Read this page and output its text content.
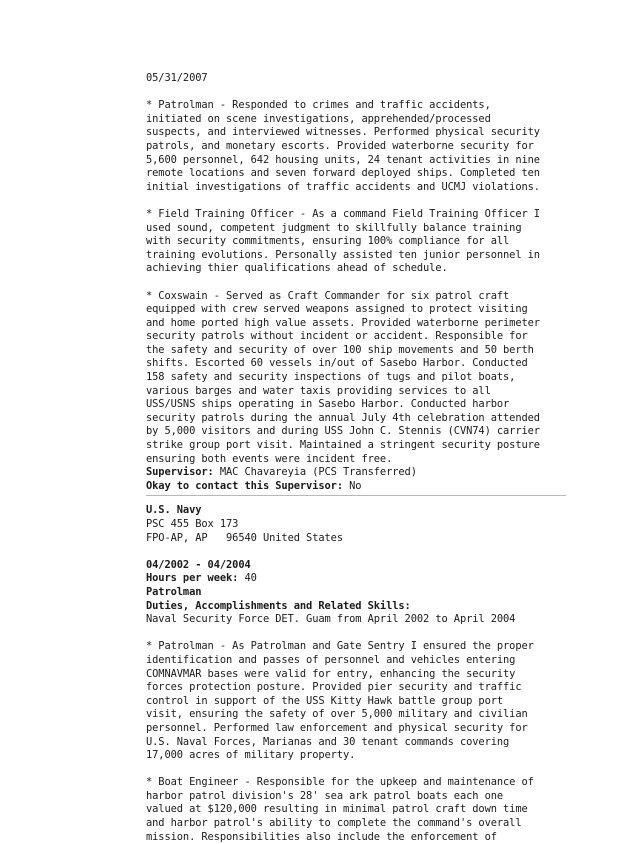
05/31/2007
* Patrolman - Responded to crimes and traffic accidents,
initiated on scene investigations, apprehended/processed
suspects, and interviewed witnesses. Performed physical security
patrols, and monetary escorts. Provided waterborne security for
5,600 personnel, 642 housing units, 24 tenant activities in nine
remote locations and seven forward deployed ships. Completed ten
initial investigations of traffic accidents and UCMJ violations.
* Field Training Officer - As a command Field Training Officer I
used sound, competent judgment to skillfully balance training
with security commitments, ensuring 100% compliance for all
training evolutions. Personally assisted ten junior personnel in
achieving thier qualifications ahead of schedule.
* Coxswain - Served as Craft Commander for six patrol craft
equipped with crew served weapons assigned to protect visiting
and home ported high value assets. Provided waterborne perimeter
security patrols without incident or accident. Responsible for
the safety and security of over 100 ship movements and 50 berth
shifts. Escorted 60 vessels in/out of Sasebo Harbor. Conducted
158 safety and security inspections of tugs and pilot boats,
various barges and water taxis providing services to all
USS/USNS ships operating in Sasebo Harbor. Conducted harbor
security patrols during the annual July 4th celebration attended
by 5,000 visitors and during USS John C. Stennis (CVN74) carrier
strike group port visit. Maintained a stringent security posture
ensuring both events were incident free.
Supervisor: MAC Chavareyia (PCS Transferred)
Okay to contact this Supervisor: No
U.S. Navy
PSC 455 Box 173
FPO-AP, AP   96540 United States
04/2002 - 04/2004
Hours per week: 40
Patrolman
Duties, Accomplishments and Related Skills:
Naval Security Force DET. Guam from April 2002 to April 2004
* Patrolman - As Patrolman and Gate Sentry I ensured the proper
identification and passes of personnel and vehicles entering
COMNAVMAR bases were valid for entry, enhancing the security
forces protection posture. Provided pier security and traffic
control in support of the USS Kitty Hawk battle group port
visit, ensuring the safety of over 5,000 military and civilian
personnel. Performed law enforcement and physical security for
U.S. Naval Forces, Marianas and 30 tenant commands covering
17,000 acres of military property.
* Boat Engineer - Responsible for the upkeep and maintenance of
harbor patrol division's 28' sea ark patrol boats each one
valued at $120,000 resulting in minimal patrol craft down time
and harbor patrol's ability to complete the command's overall
mission. Responsibilities also include the enforcement of
